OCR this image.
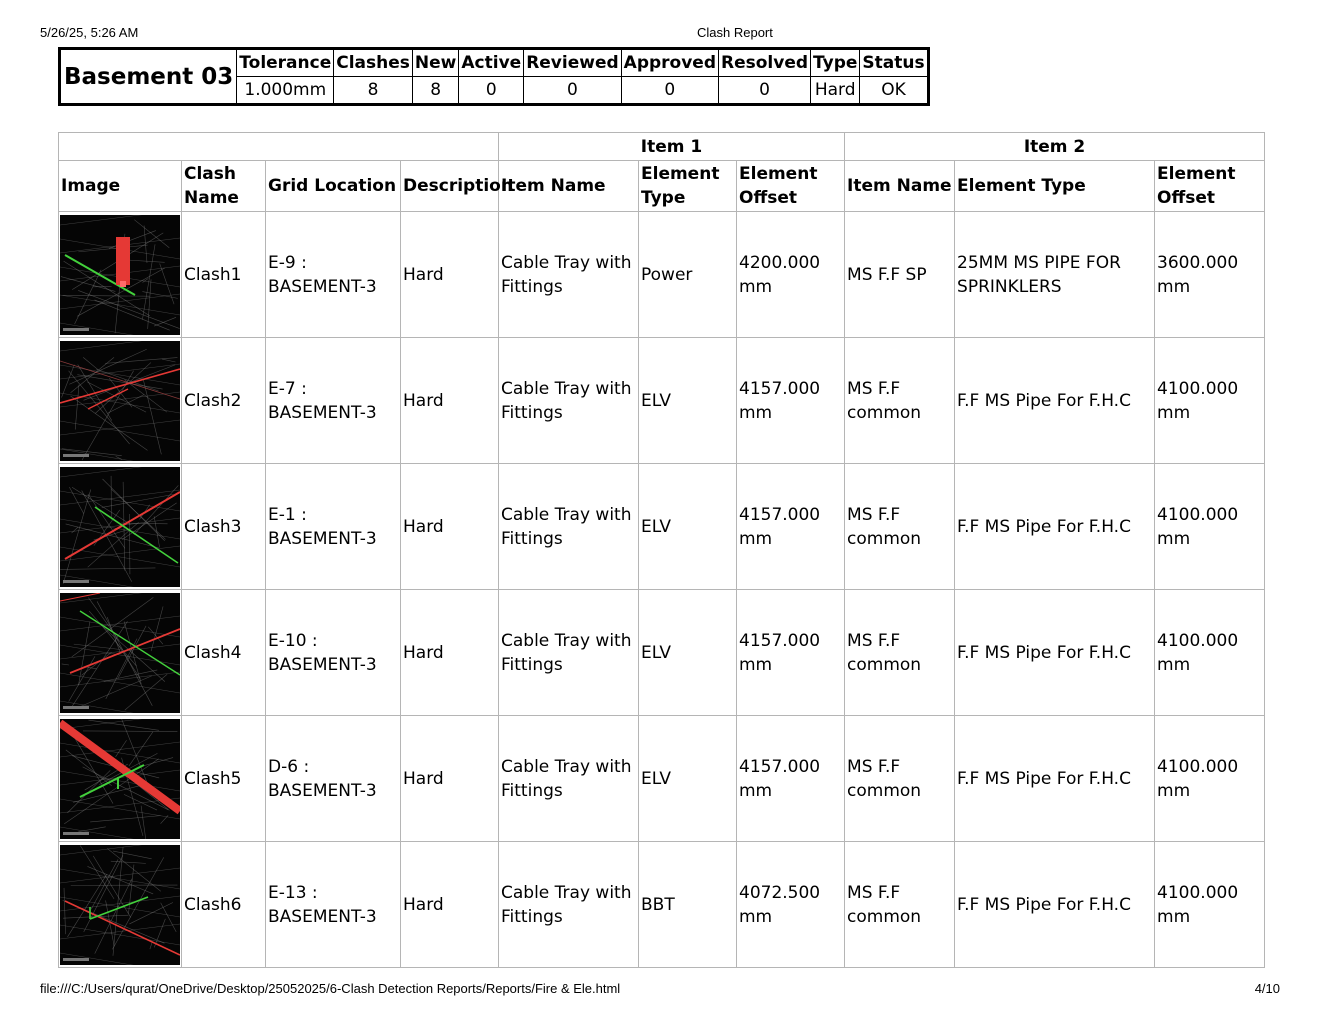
5/26/25, 5:26 AM	Clash Report
Basement 03	Tolerance	Clashes	New	Active	Reviewed	Approved	Resolved	Type	Status
	1.000mm	8	8	0	0	0	0	Hard	OK
				Item 1			Item 2		
Image	Clash Name	Grid Location	Description	Item Name	Element Type	Element Offset	Item Name	Element Type	Element Offset

	Clash1	E-9 : BASEMENT-3	Hard	Cable Tray with Fittings	Power	4200.000 mm	MS F.F SP	25MM MS PIPE FOR SPRINKLERS	3600.000 mm

	Clash2	E-7 : BASEMENT-3	Hard	Cable Tray with Fittings	ELV	4157.000 mm	MS F.F common	F.F MS Pipe For F.H.C	4100.000 mm

	Clash3	E-1 : BASEMENT-3	Hard	Cable Tray with Fittings	ELV	4157.000 mm	MS F.F common	F.F MS Pipe For F.H.C	4100.000 mm

	Clash4	E-10 : BASEMENT-3	Hard	Cable Tray with Fittings	ELV	4157.000 mm	MS F.F common	F.F MS Pipe For F.H.C	4100.000 mm

	Clash5	D-6 : BASEMENT-3	Hard	Cable Tray with Fittings	ELV	4157.000 mm	MS F.F common	F.F MS Pipe For F.H.C	4100.000 mm

	Clash6	E-13 : BASEMENT-3	Hard	Cable Tray with Fittings	BBT	4072.500 mm	MS F.F common	F.F MS Pipe For F.H.C	4100.000 mm
file:///C:/Users/qurat/OneDrive/Desktop/25052025/6-Clash Detection Reports/Reports/Fire & Ele.html	4/10
